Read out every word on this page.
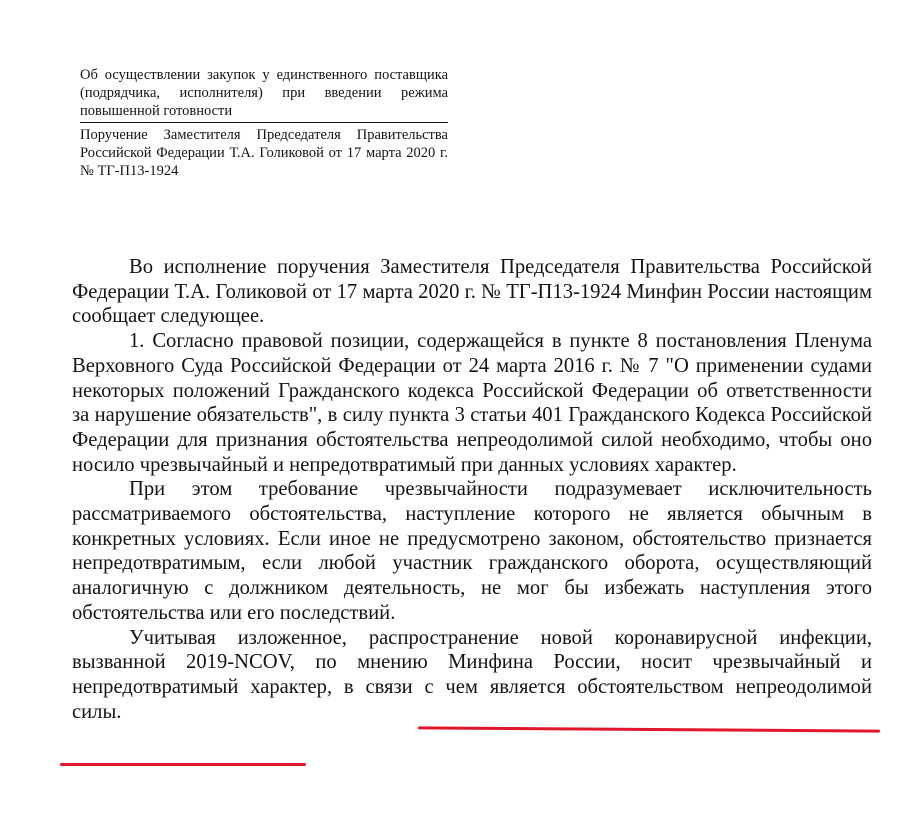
Об осуществлении закупок у единственного поставщика (подрядчика, исполнителя) при введении режима повышенной готовности
Поручение Заместителя Председателя Правительства Российской Федерации Т.А. Голиковой от 17 марта 2020 г. № ТГ-П13-1924

Во исполнение поручения Заместителя Председателя Правительства Российской Федерации Т.А. Голиковой от 17 марта 2020 г. № ТГ-П13-1924 Минфин России настоящим сообщает следующее.

1. Согласно правовой позиции, содержащейся в пункте 8 постановления Пленума Верховного Суда Российской Федерации от 24 марта 2016 г. № 7 "О применении судами некоторых положений Гражданского кодекса Российской Федерации об ответственности за нарушение обязательств", в силу пункта 3 статьи 401 Гражданского Кодекса Российской Федерации для признания обстоятельства непреодолимой силой необходимо, чтобы оно носило чрезвычайный и непредотвратимый при данных условиях характер.

При этом требование чрезвычайности подразумевает исключительность рассматриваемого обстоятельства, наступление которого не является обычным в конкретных условиях. Если иное не предусмотрено законом, обстоятельство признается непредотвратимым, если любой участник гражданского оборота, осуществляющий аналогичную с должником деятельность, не мог бы избежать наступления этого обстоятельства или его последствий.

Учитывая изложенное, распространение новой коронавирусной инфекции, вызванной 2019-NCOV, по мнению Минфина России, носит чрезвычайный и непредотвратимый характер, в связи с чем является обстоятельством непреодолимой силы.
